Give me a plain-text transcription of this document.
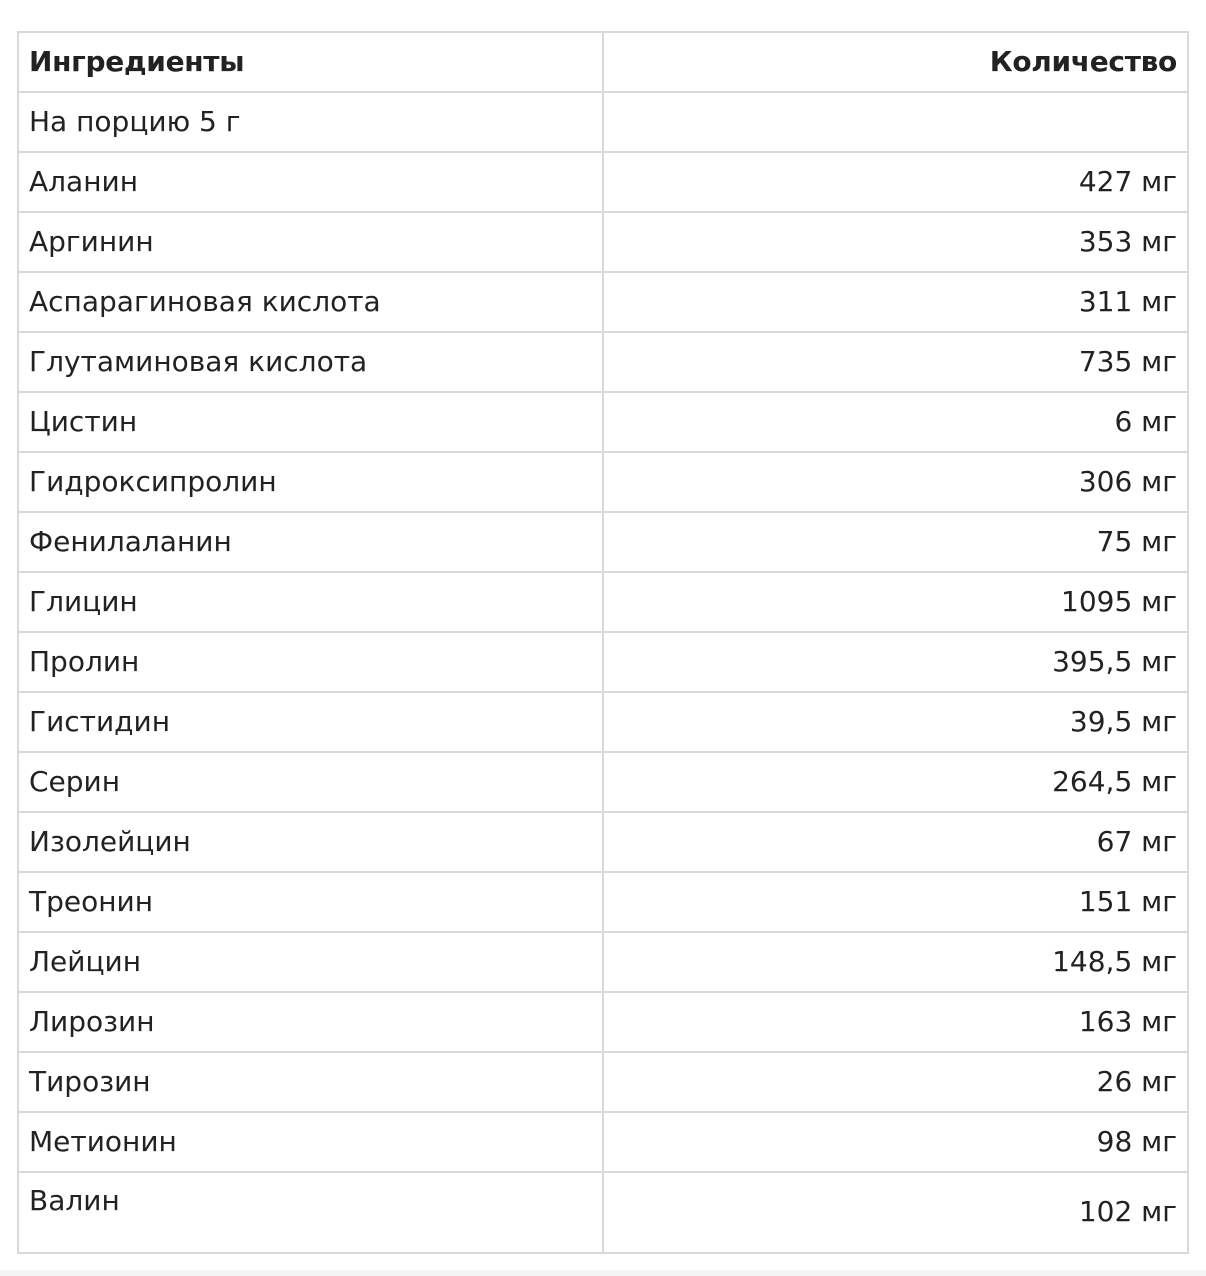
Ингредиенты	Количество
На порцию 5 г	
Аланин	427 мг
Аргинин	353 мг
Аспарагиновая кислота	311 мг
Глутаминовая кислота	735 мг
Цистин	6 мг
Гидроксипролин	306 мг
Фенилаланин	75 мг
Глицин	1095 мг
Пролин	395,5 мг
Гистидин	39,5 мг
Серин	264,5 мг
Изолейцин	67 мг
Треонин	151 мг
Лейцин	148,5 мг
Лирозин	163 мг
Тирозин	26 мг
Метионин	98 мг
Валин	102 мг
